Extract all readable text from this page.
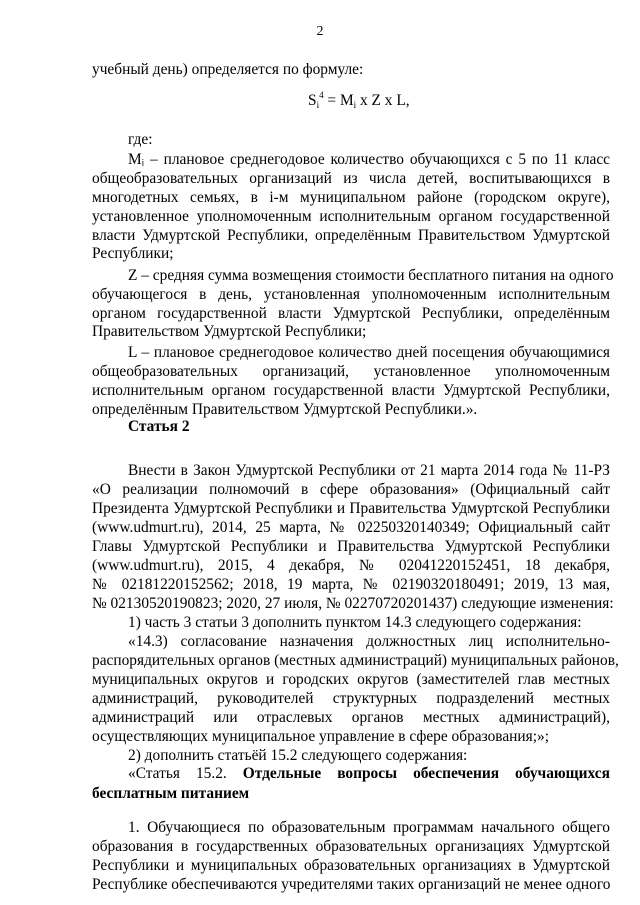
2
учебный день) определяется по формуле:
$S_i^4 = M_i$ x Z x L,
где:
Mᵢ – плановое среднегодовое количество обучающихся с 5 по 11 класс
общеобразовательных организаций из числа детей, воспитывающихся в
многодетных семьях, в i-м муниципальном районе (городском округе),
установленное уполномоченным исполнительным органом государственной
власти Удмуртской Республики, определённым Правительством Удмуртской
Республики;
Z – средняя сумма возмещения стоимости бесплатного питания на одного
обучающегося в день, установленная уполномоченным исполнительным
органом государственной власти Удмуртской Республики, определённым
Правительством Удмуртской Республики;
L – плановое среднегодовое количество дней посещения обучающимися
общеобразовательных организаций, установленное уполномоченным
исполнительным органом государственной власти Удмуртской Республики,
определённым Правительством Удмуртской Республики.».
Статья 2
Внести в Закон Удмуртской Республики от 21 марта 2014 года № 11-РЗ
«О реализации полномочий в сфере образования» (Официальный сайт
Президента Удмуртской Республики и Правительства Удмуртской Республики
(www.udmurt.ru), 2014, 25 марта, № 02250320140349; Официальный сайт
Главы Удмуртской Республики и Правительства Удмуртской Республики
(www.udmurt.ru), 2015, 4 декабря, № 02041220152451, 18 декабря,
№ 02181220152562; 2018, 19 марта, № 02190320180491; 2019, 13 мая,
№ 02130520190823; 2020, 27 июля, № 02270720201437) следующие изменения:
1) часть 3 статьи 3 дополнить пунктом 14.3 следующего содержания:
«14.3) согласование назначения должностных лиц исполнительно-
распорядительных органов (местных администраций) муниципальных районов,
муниципальных округов и городских округов (заместителей глав местных
администраций, руководителей структурных подразделений местных
администраций или отраслевых органов местных администраций),
осуществляющих муниципальное управление в сфере образования;»;
2) дополнить статьёй 15.2 следующего содержания:
«Статья 15.2. Отдельные вопросы обеспечения обучающихся
бесплатным питанием
1. Обучающиеся по образовательным программам начального общего
образования в государственных образовательных организациях Удмуртской
Республики и муниципальных образовательных организациях в Удмуртской
Республике обеспечиваются учредителями таких организаций не менее одного
